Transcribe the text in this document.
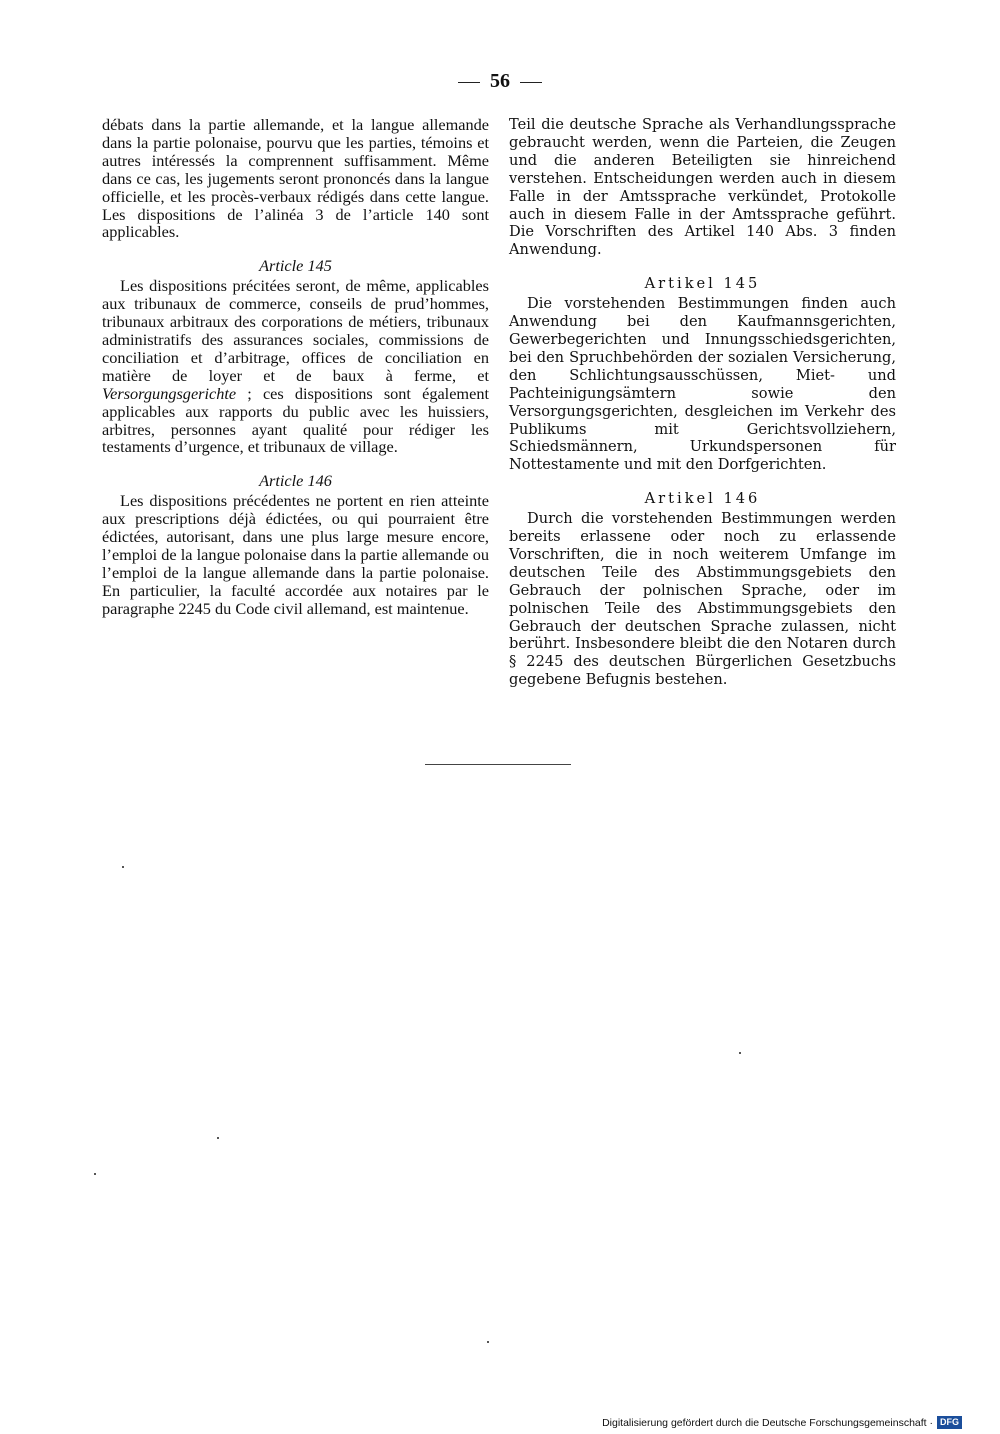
56

débats dans la partie allemande, et la langue allemande dans la partie polonaise, pourvu que les parties, témoins et autres intéressés la comprennent suffisamment. Même dans ce cas, les jugements seront prononcés dans la langue officielle, et les procès-verbaux rédigés dans cette langue. Les dispositions de l’alinéa 3 de l’article 140 sont applicables.

Article 145

Les dispositions précitées seront, de même, applicables aux tribunaux de commerce, conseils de prud’hommes, tribunaux arbitraux des corporations de métiers, tribunaux administratifs des assurances sociales, commissions de conciliation et d’arbitrage, offices de conciliation en matière de loyer et de baux à ferme, et Versorgungsgerichte ; ces dispositions sont également applicables aux rapports du public avec les huissiers, arbitres, personnes ayant qualité pour rédiger les testaments d’urgence, et tribunaux de village.

Article 146

Les dispositions précédentes ne portent en rien atteinte aux prescriptions déjà édictées, ou qui pourraient être édictées, autorisant, dans une plus large mesure encore, l’emploi de la langue polonaise dans la partie allemande ou l’emploi de la langue allemande dans la partie polonaise. En particulier, la faculté accordée aux notaires par le paragraphe 2245 du Code civil allemand, est maintenue.

Teil die deutsche Sprache als Verhandlungssprache gebraucht werden, wenn die Parteien, die Zeugen und die anderen Beteiligten sie hinreichend verstehen. Entscheidungen werden auch in diesem Falle in der Amtssprache verkündet, Protokolle auch in diesem Falle in der Amtssprache geführt. Die Vorschriften des Artikel 140 Abs. 3 finden Anwendung.

Artikel 145

Die vorstehenden Bestimmungen finden auch Anwendung bei den Kaufmannsgerichten, Gewerbegerichten und Innungsschiedsgerichten, bei den Spruchbehörden der sozialen Versicherung, den Schlichtungsausschüssen, Miet- und Pachteinigungsämtern sowie den Versorgungsgerichten, desgleichen im Verkehr des Publikums mit Gerichtsvollziehern, Schiedsmännern, Urkundspersonen für Nottestamente und mit den Dorfgerichten.

Artikel 146

Durch die vorstehenden Bestimmungen werden bereits erlassene oder noch zu erlassende Vorschriften, die in noch weiterem Umfange im deutschen Teile des Abstimmungsgebiets den Gebrauch der polnischen Sprache, oder im polnischen Teile des Abstimmungsgebiets den Gebrauch der deutschen Sprache zulassen, nicht berührt. Insbesondere bleibt die den Notaren durch § 2245 des deutschen Bürgerlichen Gesetzbuchs gegebene Befugnis bestehen.

Digitalisierung gefördert durch die Deutsche Forschungsgemeinschaft · DFG
